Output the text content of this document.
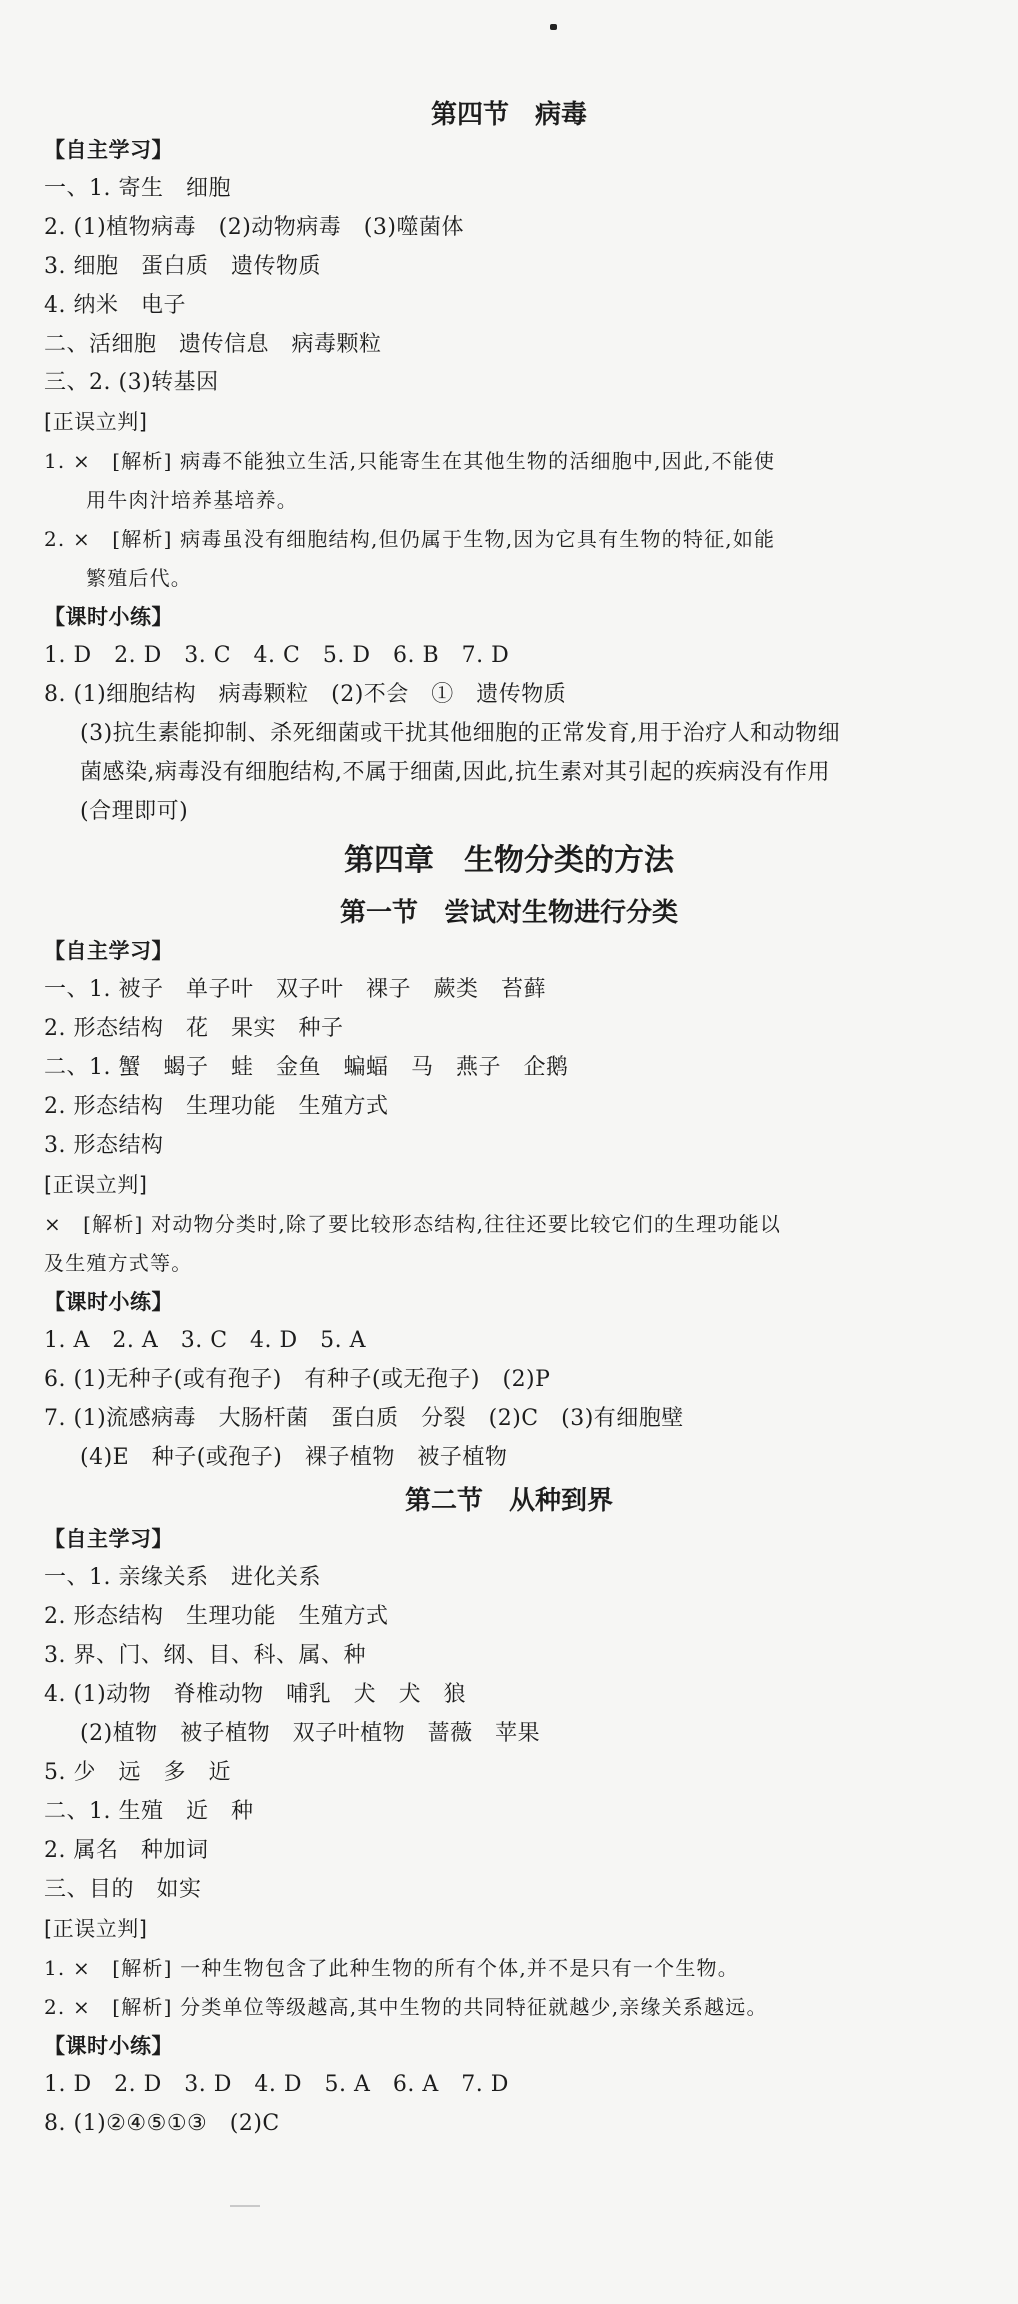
第四节　病毒
【自主学习】
一、1. 寄生　细胞
2. (1)植物病毒　(2)动物病毒　(3)噬菌体
3. 细胞　蛋白质　遗传物质
4. 纳米　电子
二、活细胞　遗传信息　病毒颗粒
三、2. (3)转基因
[正误立判]
1. ×　[解析] 病毒不能独立生活,只能寄生在其他生物的活细胞中,因此,不能使
用牛肉汁培养基培养。
2. ×　[解析] 病毒虽没有细胞结构,但仍属于生物,因为它具有生物的特征,如能
繁殖后代。
【课时小练】
1. D　2. D　3. C　4. C　5. D　6. B　7. D
8. (1)细胞结构　病毒颗粒　(2)不会　①　遗传物质
(3)抗生素能抑制、杀死细菌或干扰其他细胞的正常发育,用于治疗人和动物细
菌感染,病毒没有细胞结构,不属于细菌,因此,抗生素对其引起的疾病没有作用
(合理即可)
第四章　生物分类的方法
第一节　尝试对生物进行分类
【自主学习】
一、1. 被子　单子叶　双子叶　裸子　蕨类　苔藓
2. 形态结构　花　果实　种子
二、1. 蟹　蝎子　蛙　金鱼　蝙蝠　马　燕子　企鹅
2. 形态结构　生理功能　生殖方式
3. 形态结构
[正误立判]
×　[解析] 对动物分类时,除了要比较形态结构,往往还要比较它们的生理功能以
及生殖方式等。
【课时小练】
1. A　2. A　3. C　4. D　5. A
6. (1)无种子(或有孢子)　有种子(或无孢子)　(2)P
7. (1)流感病毒　大肠杆菌　蛋白质　分裂　(2)C　(3)有细胞壁
(4)E　种子(或孢子)　裸子植物　被子植物
第二节　从种到界
【自主学习】
一、1. 亲缘关系　进化关系
2. 形态结构　生理功能　生殖方式
3. 界、门、纲、目、科、属、种
4. (1)动物　脊椎动物　哺乳　犬　犬　狼
(2)植物　被子植物　双子叶植物　蔷薇　苹果
5. 少　远　多　近
二、1. 生殖　近　种
2. 属名　种加词
三、目的　如实
[正误立判]
1. ×　[解析] 一种生物包含了此种生物的所有个体,并不是只有一个生物。
2. ×　[解析] 分类单位等级越高,其中生物的共同特征就越少,亲缘关系越远。
【课时小练】
1. D　2. D　3. D　4. D　5. A　6. A　7. D
8. (1)②④⑤①③　(2)C
